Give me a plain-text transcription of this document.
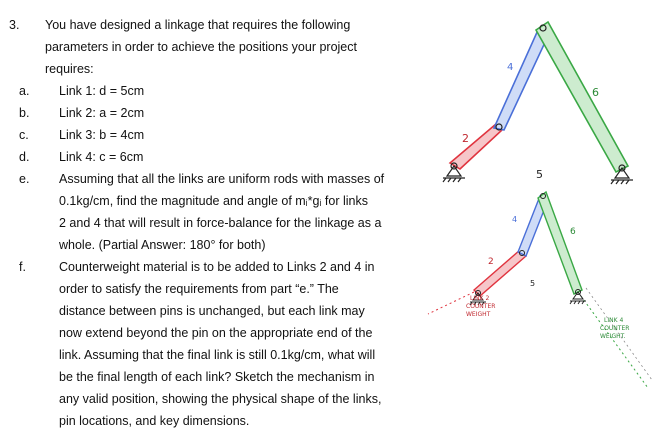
3.	You have designed a linkage that requires the following
parameters in order to achieve the positions your project
requires:
a.	Link 1: d = 5cm
b.	Link 2: a = 2cm
c.	Link 3: b = 4cm
d.	Link 4: c = 6cm
e.	Assuming that all the links are uniform rods with masses of
0.1kg/cm, find the magnitude and angle of mᵢ*gᵢ for links
2 and 4 that will result in force-balance for the linkage as a
whole. (Partial Answer: 180° for both)
f.	Counterweight material is to be added to Links 2 and 4 in
order to satisfy the requirements from part “e.” The
distance between pins is unchanged, but each link may
now extend beyond the pin on the appropriate end of the
link. Assuming that the final link is still 0.1kg/cm, what will
be the final length of each link? Sketch the mechanism in
any valid position, showing the physical shape of the links,
pin locations, and key dimensions.
2
4
6
5
2
4
6
5
LINK 2 COUNTER WEIGHT
LINK 4 COUNTER WEIGHT.
